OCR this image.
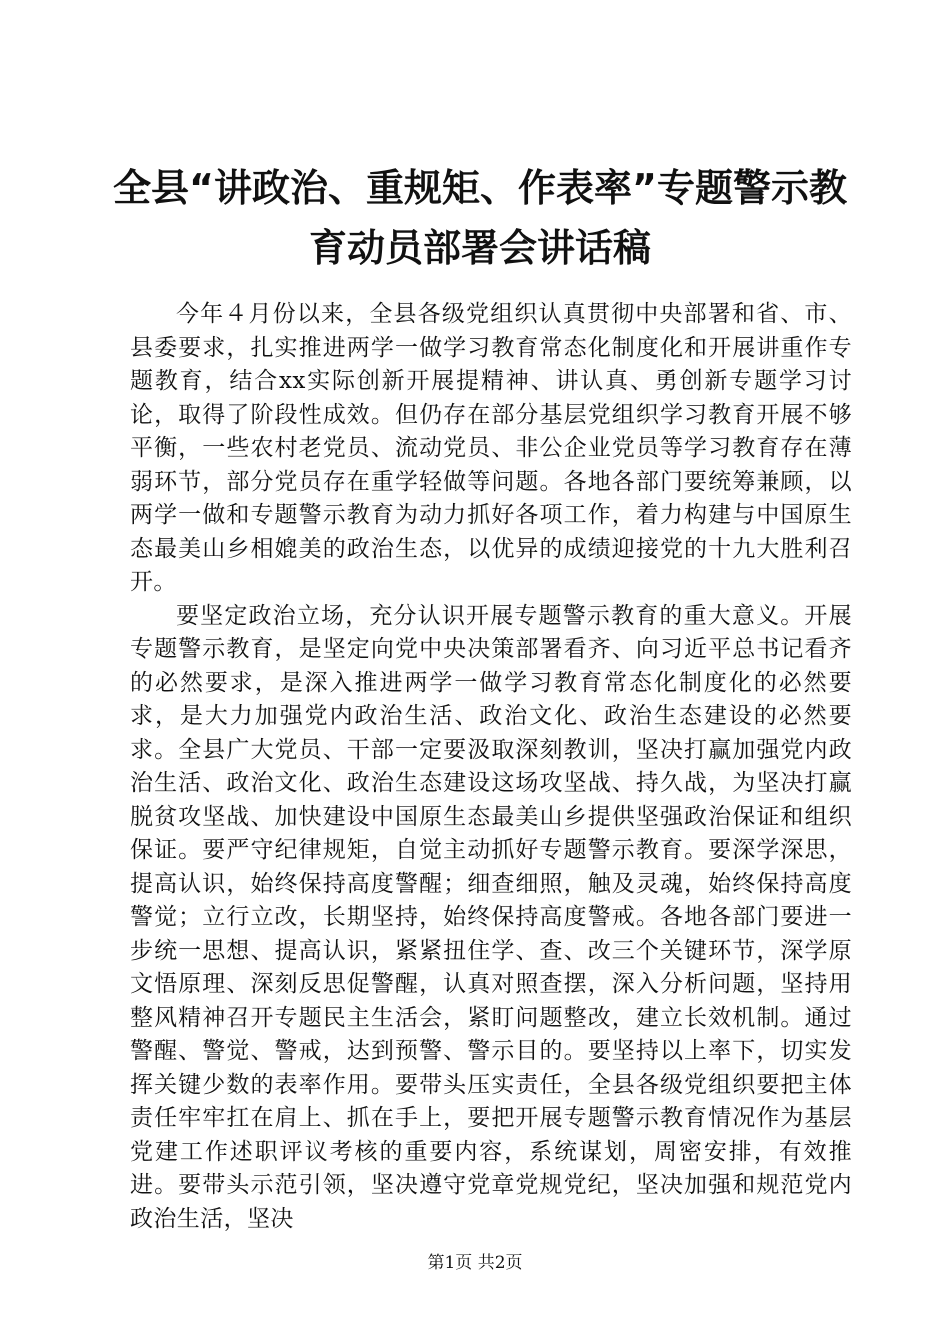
全县“讲政治、重规矩、作表率”专题警示教
育动员部署会讲话稿

今年４月份以来，全县各级党组织认真贯彻中央部署和省、市、县委要求，扎实推进两学一做学习教育常态化制度化和开展讲重作专题教育，结合xx实际创新开展提精神、讲认真、勇创新专题学习讨论，取得了阶段性成效。但仍存在部分基层党组织学习教育开展不够平衡，一些农村老党员、流动党员、非公企业党员等学习教育存在薄弱环节，部分党员存在重学轻做等问题。各地各部门要统筹兼顾，以两学一做和专题警示教育为动力抓好各项工作，着力构建与中国原生态最美山乡相媲美的政治生态，以优异的成绩迎接党的十九大胜利召开。

要坚定政治立场，充分认识开展专题警示教育的重大意义。开展专题警示教育，是坚定向党中央决策部署看齐、向习近平总书记看齐的必然要求，是深入推进两学一做学习教育常态化制度化的必然要求，是大力加强党内政治生活、政治文化、政治生态建设的必然要求。全县广大党员、干部一定要汲取深刻教训，坚决打赢加强党内政治生活、政治文化、政治生态建设这场攻坚战、持久战，为坚决打赢脱贫攻坚战、加快建设中国原生态最美山乡提供坚强政治保证和组织保证。要严守纪律规矩，自觉主动抓好专题警示教育。要深学深思，提高认识，始终保持高度警醒；细查细照，触及灵魂，始终保持高度警觉；立行立改，长期坚持，始终保持高度警戒。各地各部门要进一步统一思想、提高认识，紧紧扭住学、查、改三个关键环节，深学原文悟原理、深刻反思促警醒，认真对照查摆，深入分析问题，坚持用整风精神召开专题民主生活会，紧盯问题整改，建立长效机制。通过警醒、警觉、警戒，达到预警、警示目的。要坚持以上率下，切实发挥关键少数的表率作用。要带头压实责任，全县各级党组织要把主体责任牢牢扛在肩上、抓在手上，要把开展专题警示教育情况作为基层党建工作述职评议考核的重要内容，系统谋划，周密安排，有效推进。要带头示范引领，坚决遵守党章党规党纪，坚决加强和规范党内政治生活，坚决

第1页 共2页
